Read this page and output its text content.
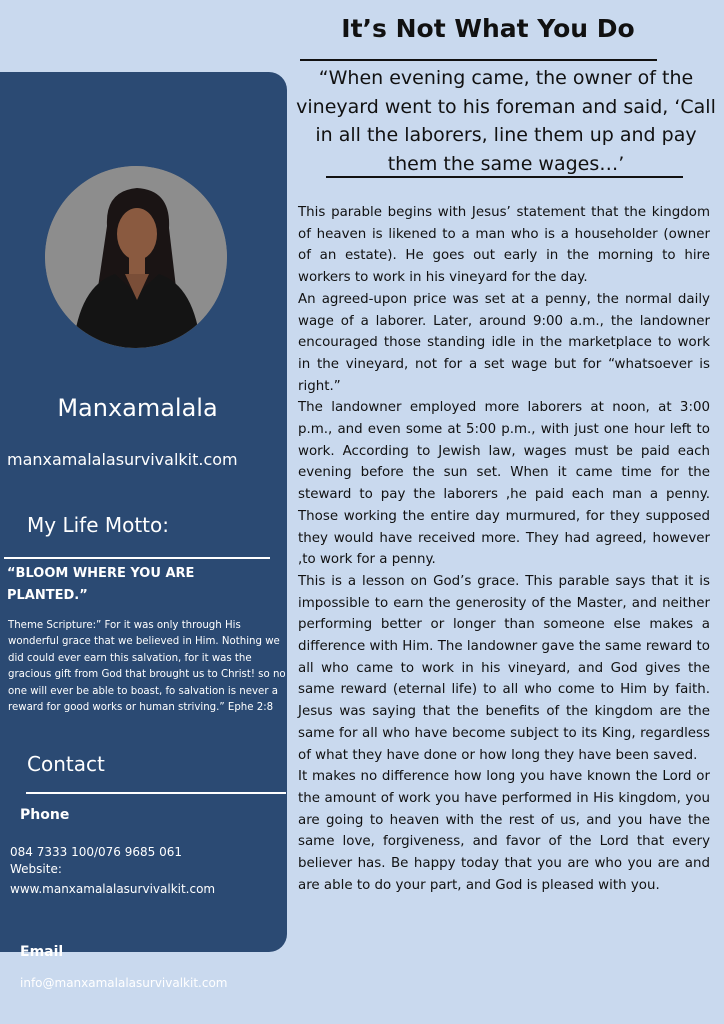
Manxamalala
manxamalalasurvivalkit.com
My Life Motto:
“BLOOM WHERE YOU ARE PLANTED.”
Theme Scripture:” For it was only through His wonderful grace that we believed in Him. Nothing we did could ever earn this salvation, for it was the gracious gift from God that brought us to Christ! so no one will ever be able to boast, fo salvation is never a reward for good works or human striving.” Ephe 2:8
Contact
Phone
084 7333 100/076 9685 061
Website:
www.manxamalalasurvivalkit.com
Email
info@manxamalalasurvivalkit.com
It’s Not What You Do
“When evening came, the owner of the vineyard went to his foreman and said, ‘Call in all the laborers, line them up and pay them the same wages…’

This parable begins with Jesus’ statement that the kingdom of heaven is likened to a man who is a householder (owner of an estate). He goes out early in the morning to hire workers to work in his vineyard for the day.

An agreed-upon price was set at a penny, the normal daily wage of a laborer. Later, around 9:00 a.m., the landowner encouraged those standing idle in the marketplace to work in the vineyard, not for a set wage but for “whatsoever is right.”

The landowner employed more laborers at noon, at 3:00 p.m., and even some at 5:00 p.m., with just one hour left to work. According to Jewish law, wages must be paid each evening before the sun set. When it came time for the steward to pay the laborers ,he paid each man a penny. Those working the entire day murmured, for they supposed they would have received more. They had agreed, however ,to work for a penny.

This is a lesson on God’s grace. This parable says that it is impossible to earn the generosity of the Master, and neither performing better or longer than someone else makes a difference with Him. The landowner gave the same reward to all who came to work in his vineyard, and God gives the same reward (eternal life) to all who come to Him by faith. Jesus was saying that the benefits of the kingdom are the same for all who have become subject to its King, regardless of what they have done or how long they have been saved.

It makes no difference how long you have known the Lord or the amount of work you have performed in His kingdom, you are going to heaven with the rest of us, and you have the same love, forgiveness, and favor of the Lord that every believer has. Be happy today that you are who you are and are able to do your part, and God is pleased with you.
